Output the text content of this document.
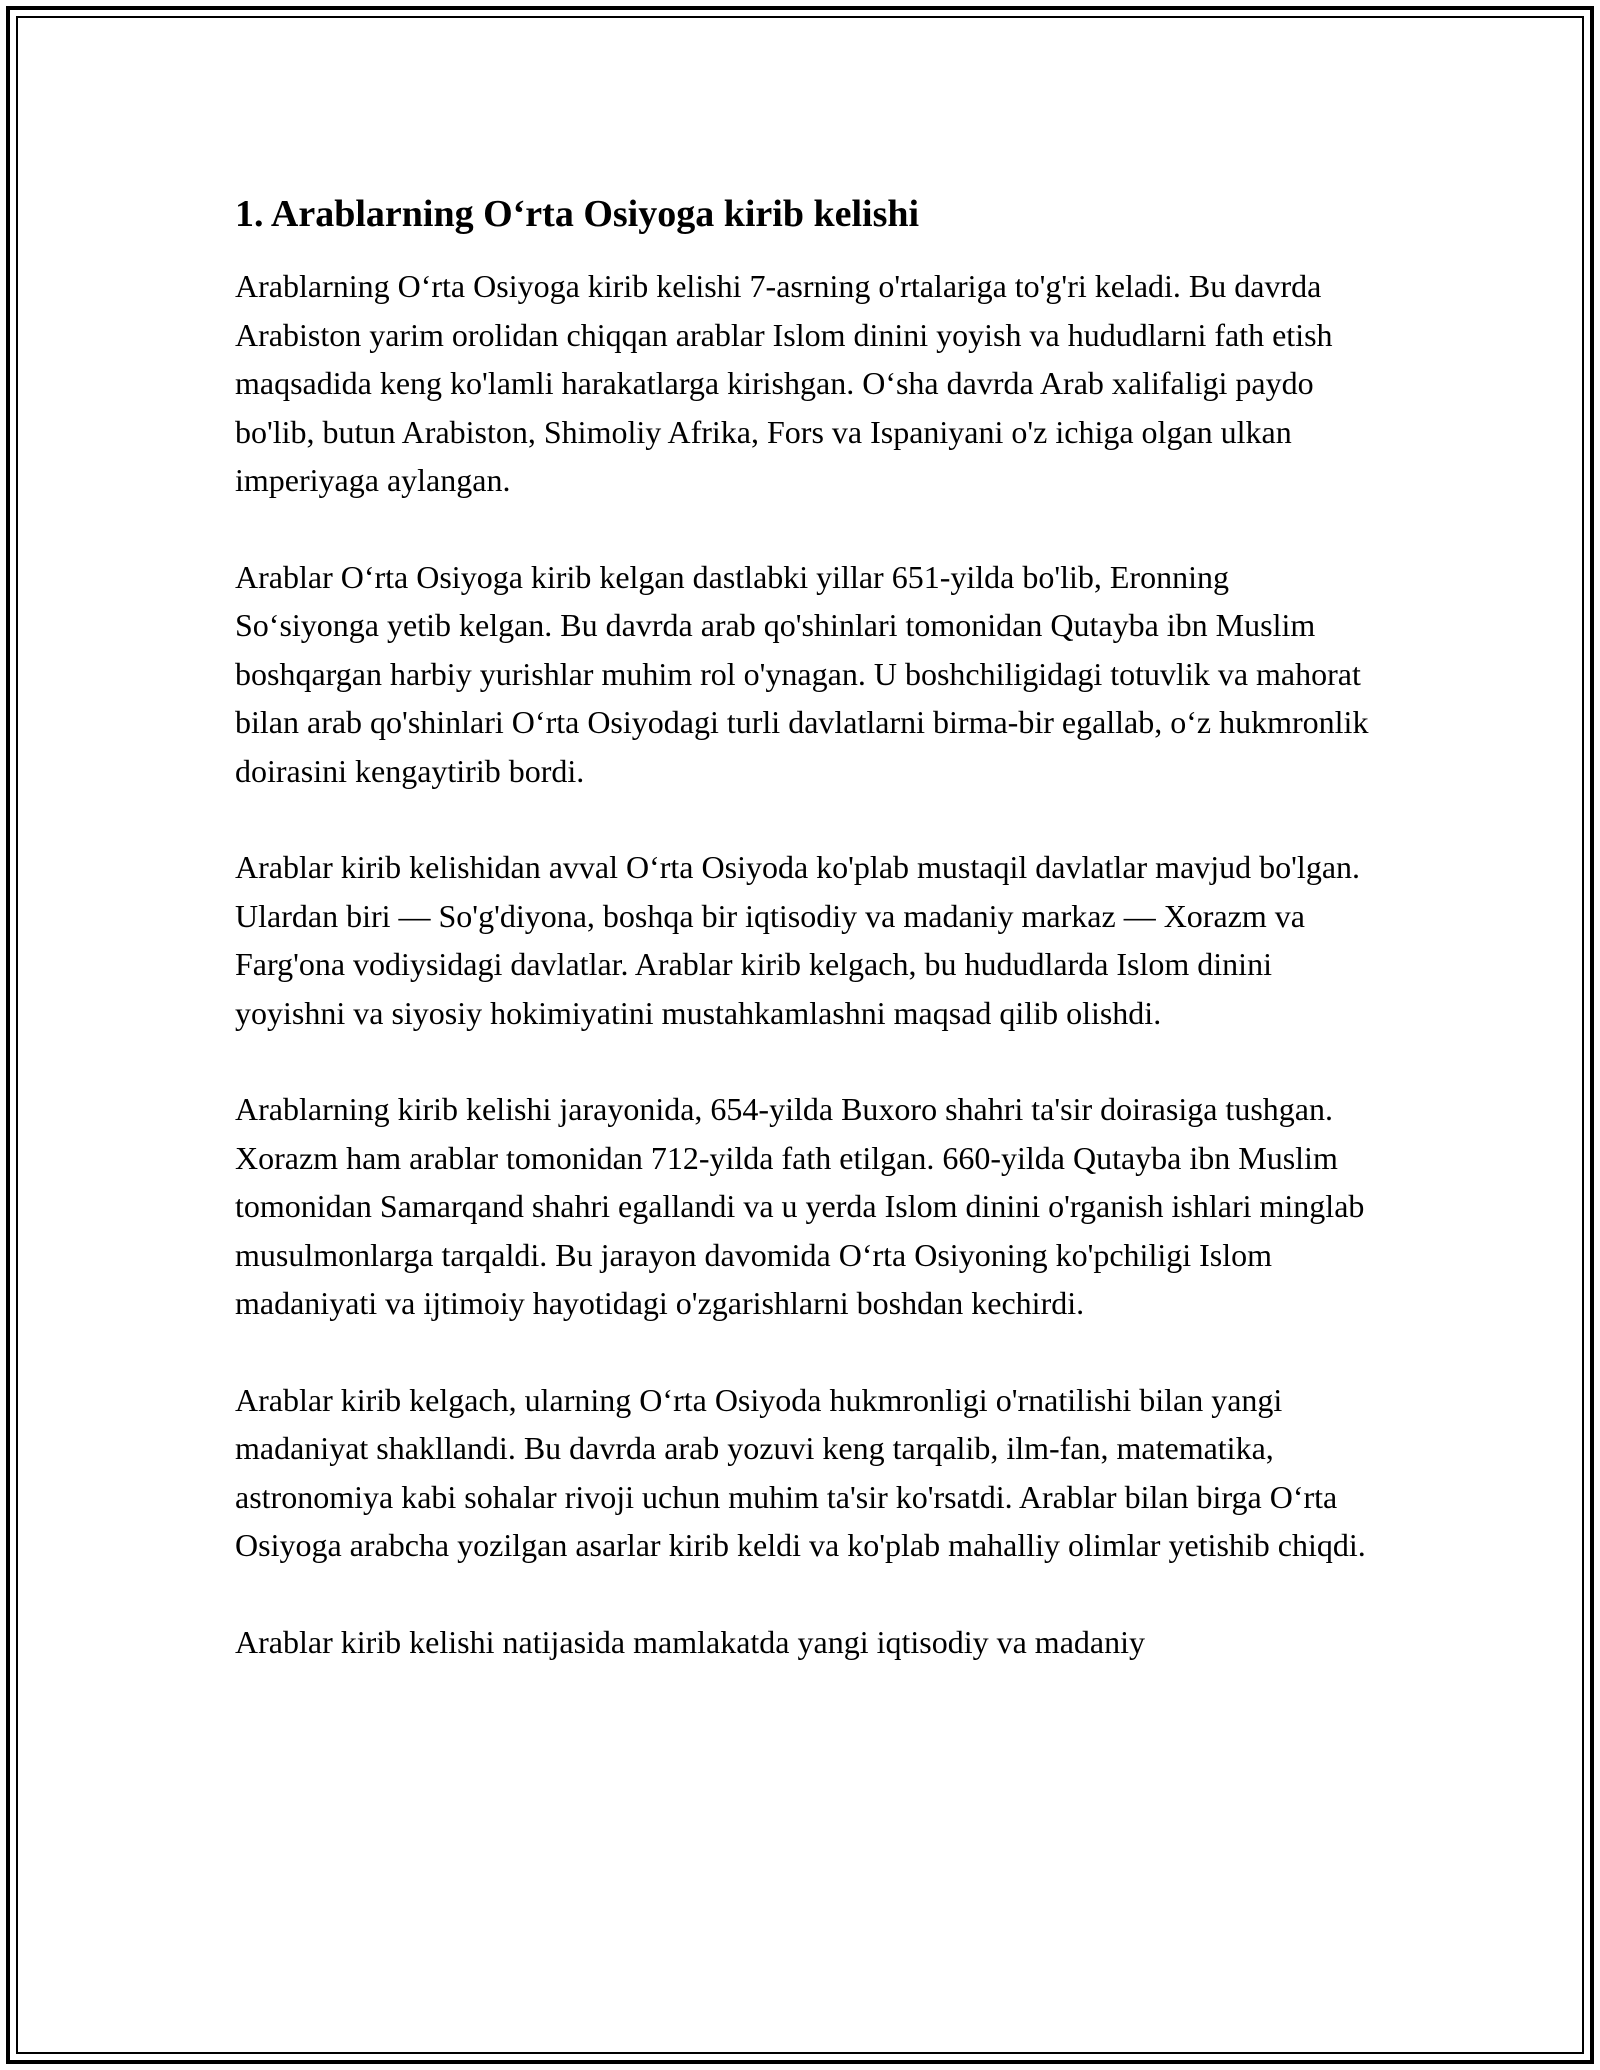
1. Arablarning O‘rta Osiyoga kirib kelishi

Arablarning O‘rta Osiyoga kirib kelishi 7-asrning o'rtalariga to'g'ri keladi. Bu davrda Arabiston yarim orolidan chiqqan arablar Islom dinini yoyish va hududlarni fath etish maqsadida keng ko'lamli harakatlarga kirishgan. O‘sha davrda Arab xalifaligi paydo bo'lib, butun Arabiston, Shimoliy Afrika, Fors va Ispaniyani o'z ichiga olgan ulkan imperiyaga aylangan.

Arablar O‘rta Osiyoga kirib kelgan dastlabki yillar 651-yilda bo'lib, Eronning So‘siyonga yetib kelgan. Bu davrda arab qo'shinlari tomonidan Qutayba ibn Muslim boshqargan harbiy yurishlar muhim rol o'ynagan. U boshchiligidagi totuvlik va mahorat bilan arab qo'shinlari O‘rta Osiyodagi turli davlatlarni birma-bir egallab, o‘z hukmronlik doirasini kengaytirib bordi.

Arablar kirib kelishidan avval O‘rta Osiyoda ko'plab mustaqil davlatlar mavjud bo'lgan. Ulardan biri — So'g'diyona, boshqa bir iqtisodiy va madaniy markaz — Xorazm va Farg'ona vodiysidagi davlatlar. Arablar kirib kelgach, bu hududlarda Islom dinini yoyishni va siyosiy hokimiyatini mustahkamlashni maqsad qilib olishdi.

Arablarning kirib kelishi jarayonida, 654-yilda Buxoro shahri ta'sir doirasiga tushgan. Xorazm ham arablar tomonidan 712-yilda fath etilgan. 660-yilda Qutayba ibn Muslim tomonidan Samarqand shahri egallandi va u yerda Islom dinini o'rganish ishlari minglab musulmonlarga tarqaldi. Bu jarayon davomida O‘rta Osiyoning ko'pchiligi Islom madaniyati va ijtimoiy hayotidagi o'zgarishlarni boshdan kechirdi.

Arablar kirib kelgach, ularning O‘rta Osiyoda hukmronligi o'rnatilishi bilan yangi madaniyat shakllandi. Bu davrda arab yozuvi keng tarqalib, ilm-fan, matematika, astronomiya kabi sohalar rivoji uchun muhim ta'sir ko'rsatdi. Arablar bilan birga O‘rta Osiyoga arabcha yozilgan asarlar kirib keldi va ko'plab mahalliy olimlar yetishib chiqdi.

Arablar kirib kelishi natijasida mamlakatda yangi iqtisodiy va madaniy
